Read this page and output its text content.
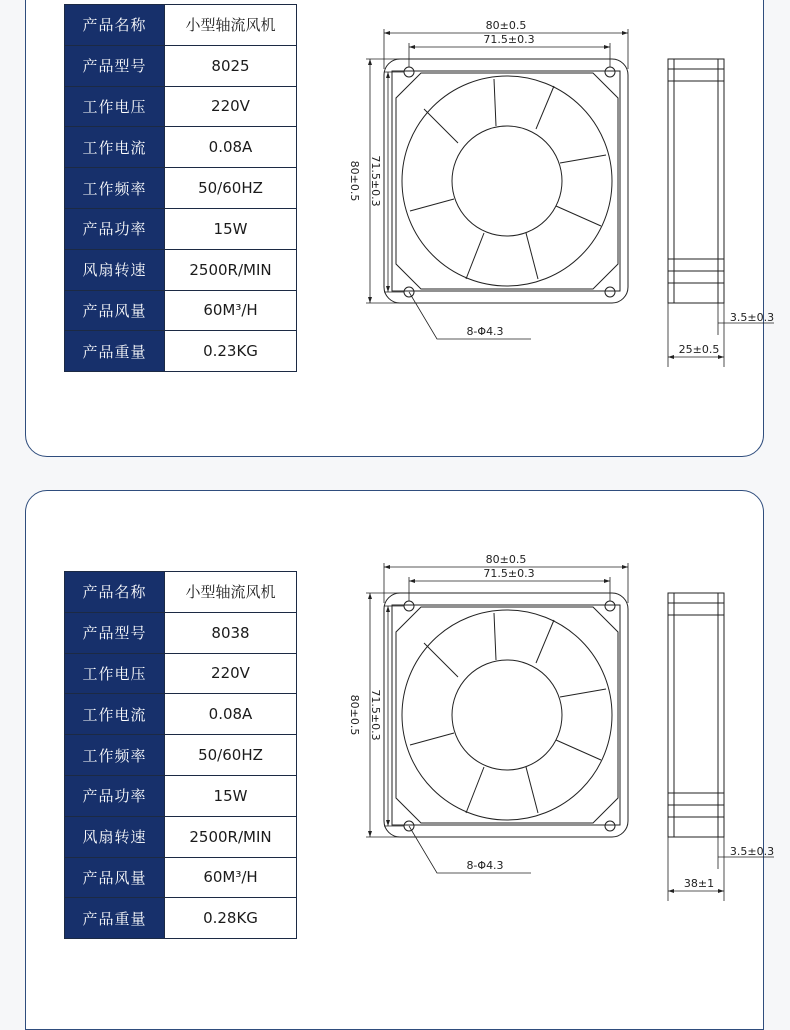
产品名称	小型轴流风机
产品型号	8025
工作电压	220V
工作电流	0.08A
工作频率	50/60HZ
产品功率	15W
风扇转速	2500R/MIN
产品风量	60M³/H
产品重量	0.23KG
80±0.5
71.5±0.3
80±0.5 71.5±0.3
8-Φ4.3
3.5±0.3
25±0.5
产品名称	小型轴流风机
产品型号	8038
工作电压	220V
工作电流	0.08A
工作频率	50/60HZ
产品功率	15W
风扇转速	2500R/MIN
产品风量	60M³/H
产品重量	0.28KG
80±0.5
71.5±0.3
80±0.5 71.5±0.3
8-Φ4.3
3.5±0.3
38±1
